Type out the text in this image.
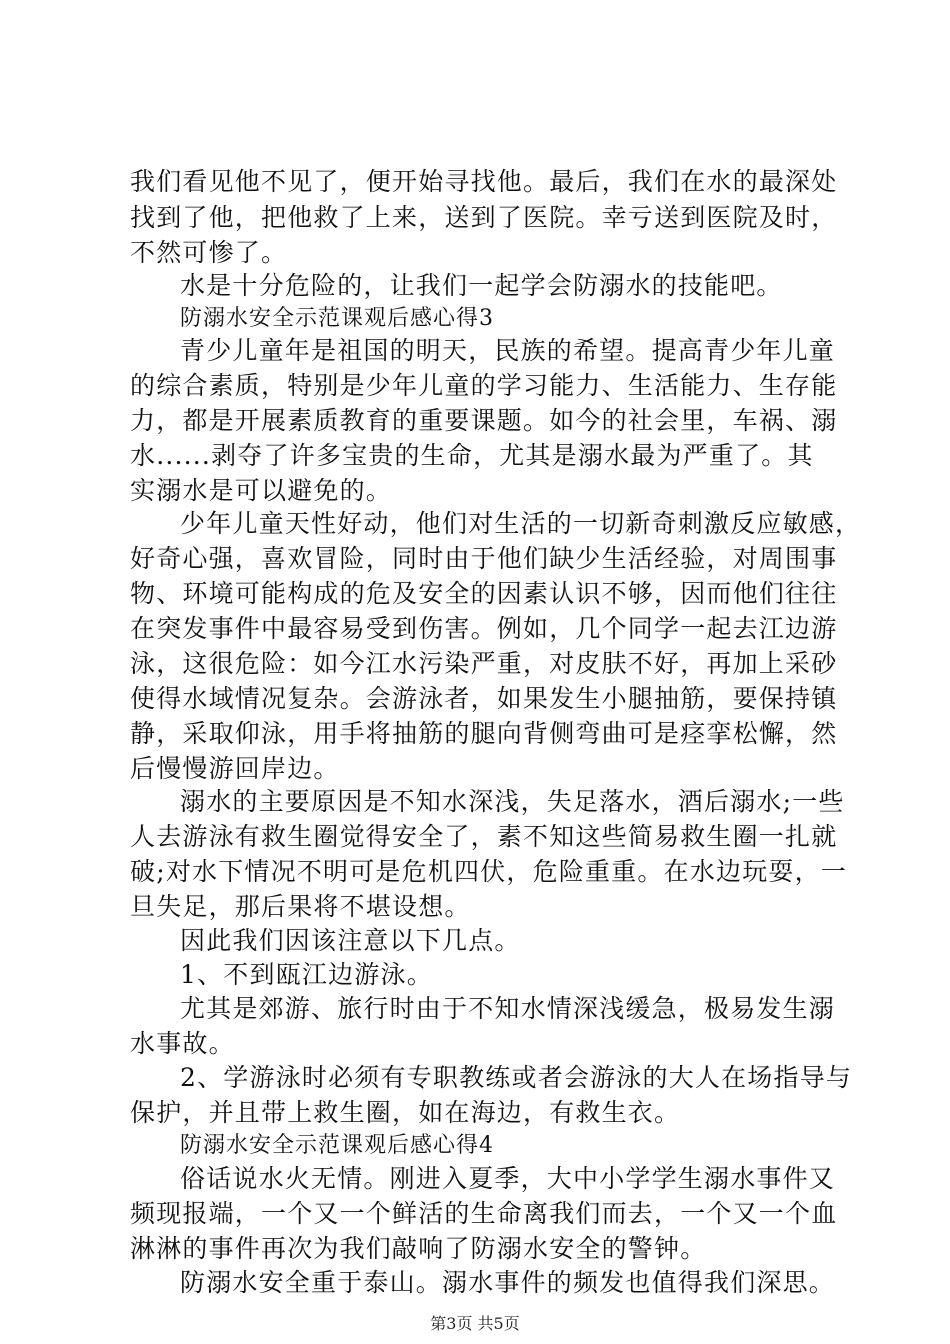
我们看见他不见了，便开始寻找他。最后，我们在水的最深处
找到了他，把他救了上来，送到了医院。幸亏送到医院及时，
不然可惨了。
水是十分危险的，让我们一起学会防溺水的技能吧。
防溺水安全示范课观后感心得3
青少儿童年是祖国的明天，民族的希望。提高青少年儿童
的综合素质，特别是少年儿童的学习能力、生活能力、生存能
力，都是开展素质教育的重要课题。如今的社会里，车祸、溺
水......剥夺了许多宝贵的生命，尤其是溺水最为严重了。其
实溺水是可以避免的。
少年儿童天性好动，他们对生活的一切新奇刺激反应敏感，
好奇心强，喜欢冒险，同时由于他们缺少生活经验，对周围事
物、环境可能构成的危及安全的因素认识不够，因而他们往往
在突发事件中最容易受到伤害。例如，几个同学一起去江边游
泳，这很危险：如今江水污染严重，对皮肤不好，再加上采砂
使得水域情况复杂。会游泳者，如果发生小腿抽筋，要保持镇
静，采取仰泳，用手将抽筋的腿向背侧弯曲可是痉挛松懈，然
后慢慢游回岸边。
溺水的主要原因是不知水深浅，失足落水，酒后溺水;一些
人去游泳有救生圈觉得安全了，素不知这些简易救生圈一扎就
破;对水下情况不明可是危机四伏，危险重重。在水边玩耍，一
旦失足，那后果将不堪设想。
因此我们因该注意以下几点。
1、不到瓯江边游泳。
尤其是郊游、旅行时由于不知水情深浅缓急，极易发生溺
水事故。
2、学游泳时必须有专职教练或者会游泳的大人在场指导与
保护，并且带上救生圈，如在海边，有救生衣。
防溺水安全示范课观后感心得4
俗话说水火无情。刚进入夏季，大中小学学生溺水事件又
频现报端，一个又一个鲜活的生命离我们而去，一个又一个血
淋淋的事件再次为我们敲响了防溺水安全的警钟。
防溺水安全重于泰山。溺水事件的频发也值得我们深思。
第3页 共5页
